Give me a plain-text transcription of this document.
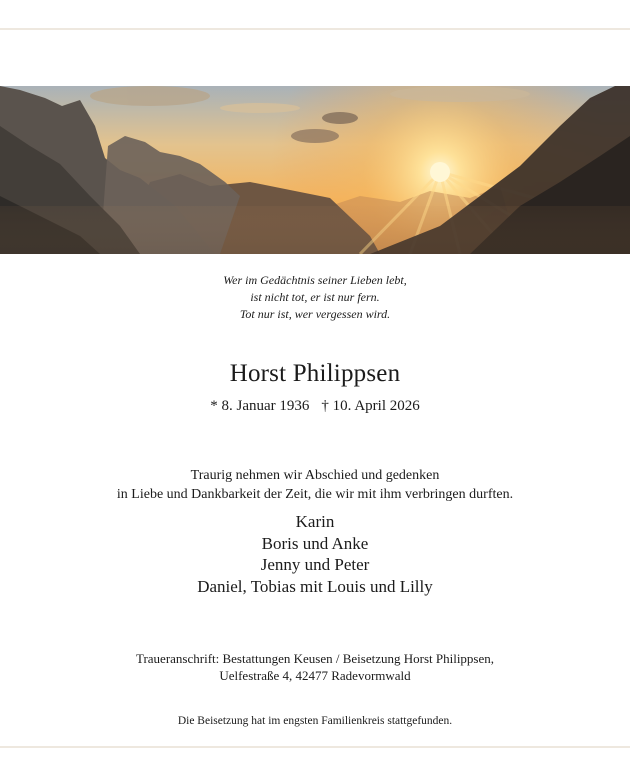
Wer im Gedächtnis seiner Lieben lebt,
ist nicht tot, er ist nur fern.
Tot nur ist, wer vergessen wird.
Horst Philippsen
* 8. Januar 1936 † 10. April 2026
Traurig nehmen wir Abschied und gedenken
in Liebe und Dankbarkeit der Zeit, die wir mit ihm verbringen durften.
Karin
Boris und Anke
Jenny und Peter
Daniel, Tobias mit Louis und Lilly
Traueranschrift: Bestattungen Keusen / Beisetzung Horst Philippsen,
Uelfestraße 4, 42477 Radevormwald
Die Beisetzung hat im engsten Familienkreis stattgefunden.
